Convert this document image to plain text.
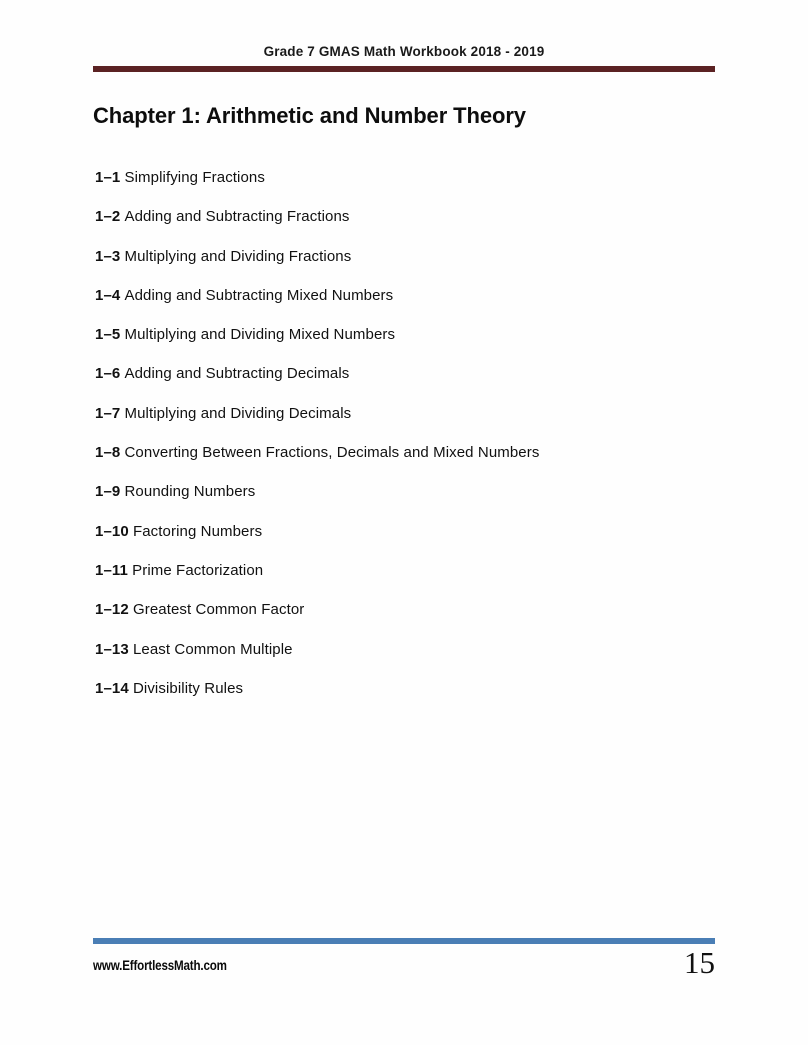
Grade 7 GMAS Math Workbook 2018 - 2019
Chapter 1: Arithmetic and Number Theory
1–1 Simplifying Fractions
1–2 Adding and Subtracting Fractions
1–3 Multiplying and Dividing Fractions
1–4 Adding and Subtracting Mixed Numbers
1–5 Multiplying and Dividing Mixed Numbers
1–6 Adding and Subtracting Decimals
1–7 Multiplying and Dividing Decimals
1–8 Converting Between Fractions, Decimals and Mixed Numbers
1–9 Rounding Numbers
1–10 Factoring Numbers
1–11 Prime Factorization
1–12 Greatest Common Factor
1–13 Least Common Multiple
1–14 Divisibility Rules
www.EffortlessMath.com	15
